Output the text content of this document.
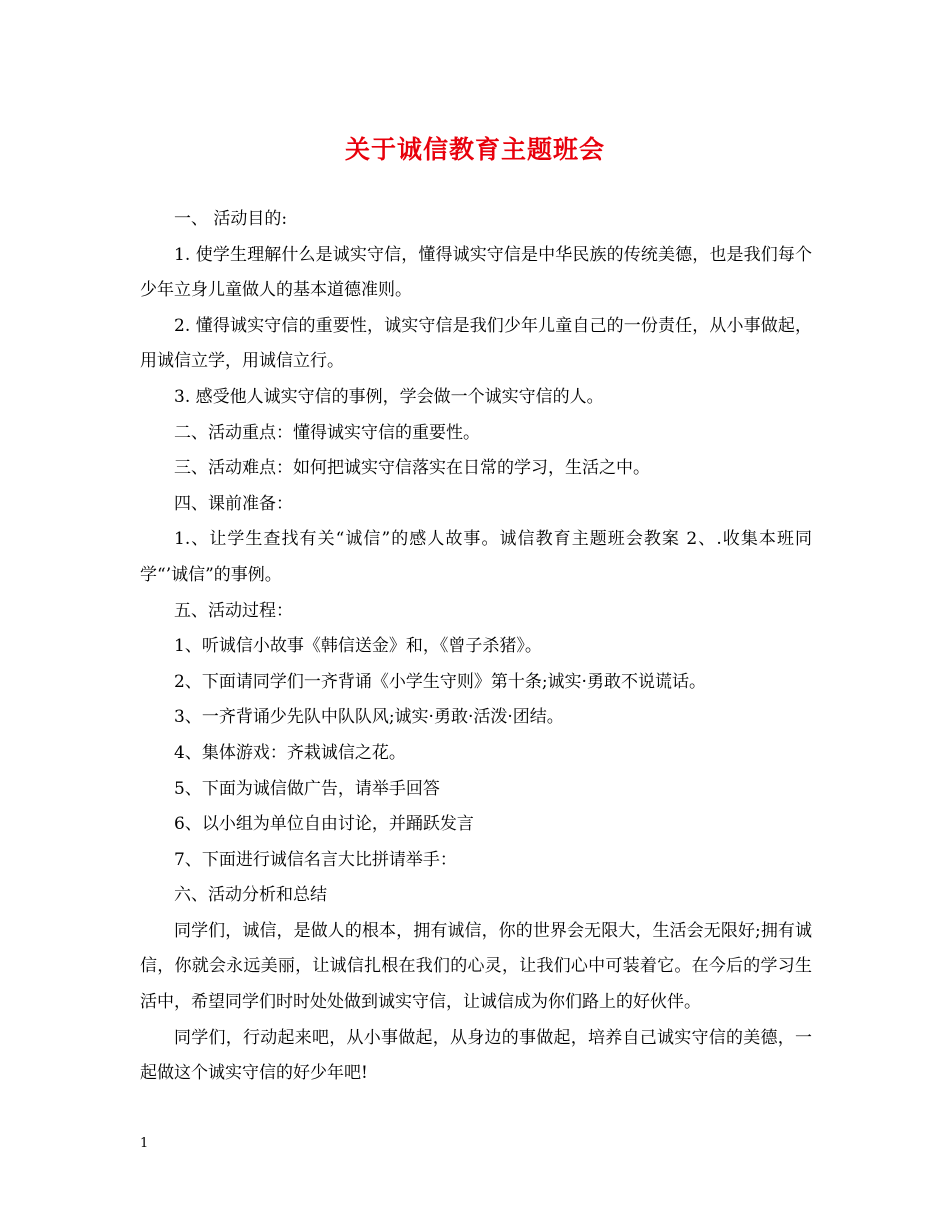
关于诚信教育主题班会

一、 活动目的:

1. 使学生理解什么是诚实守信，懂得诚实守信是中华民族的传统美德，也是我们每个少年立身儿童做人的基本道德准则。

2. 懂得诚实守信的重要性，诚实守信是我们少年儿童自己的一份责任，从小事做起，用诚信立学，用诚信立行。

3. 感受他人诚实守信的事例，学会做一个诚实守信的人。

二、活动重点：懂得诚实守信的重要性。

三、活动难点：如何把诚实守信落实在日常的学习，生活之中。

四、课前准备：

1.、让学生查找有关“诚信”的感人故事。诚信教育主题班会教案 2、.收集本班同学“’诚信”的事例。

五、活动过程：

1、听诚信小故事《韩信送金》和，《曾子杀猪》。

2、下面请同学们一齐背诵《小学生守则》第十条;诚实·勇敢不说谎话。

3、一齐背诵少先队中队队风;诚实·勇敢·活泼·团结。

4、集体游戏：齐栽诚信之花。

5、下面为诚信做广告，请举手回答

6、以小组为单位自由讨论，并踊跃发言

7、下面进行诚信名言大比拼请举手：

六、活动分析和总结

同学们，诚信，是做人的根本，拥有诚信，你的世界会无限大，生活会无限好;拥有诚信，你就会永远美丽，让诚信扎根在我们的心灵，让我们心中可装着它。在今后的学习生活中，希望同学们时时处处做到诚实守信，让诚信成为你们路上的好伙伴。

同学们，行动起来吧，从小事做起，从身边的事做起，培养自己诚实守信的美德，一起做这个诚实守信的好少年吧!

1
